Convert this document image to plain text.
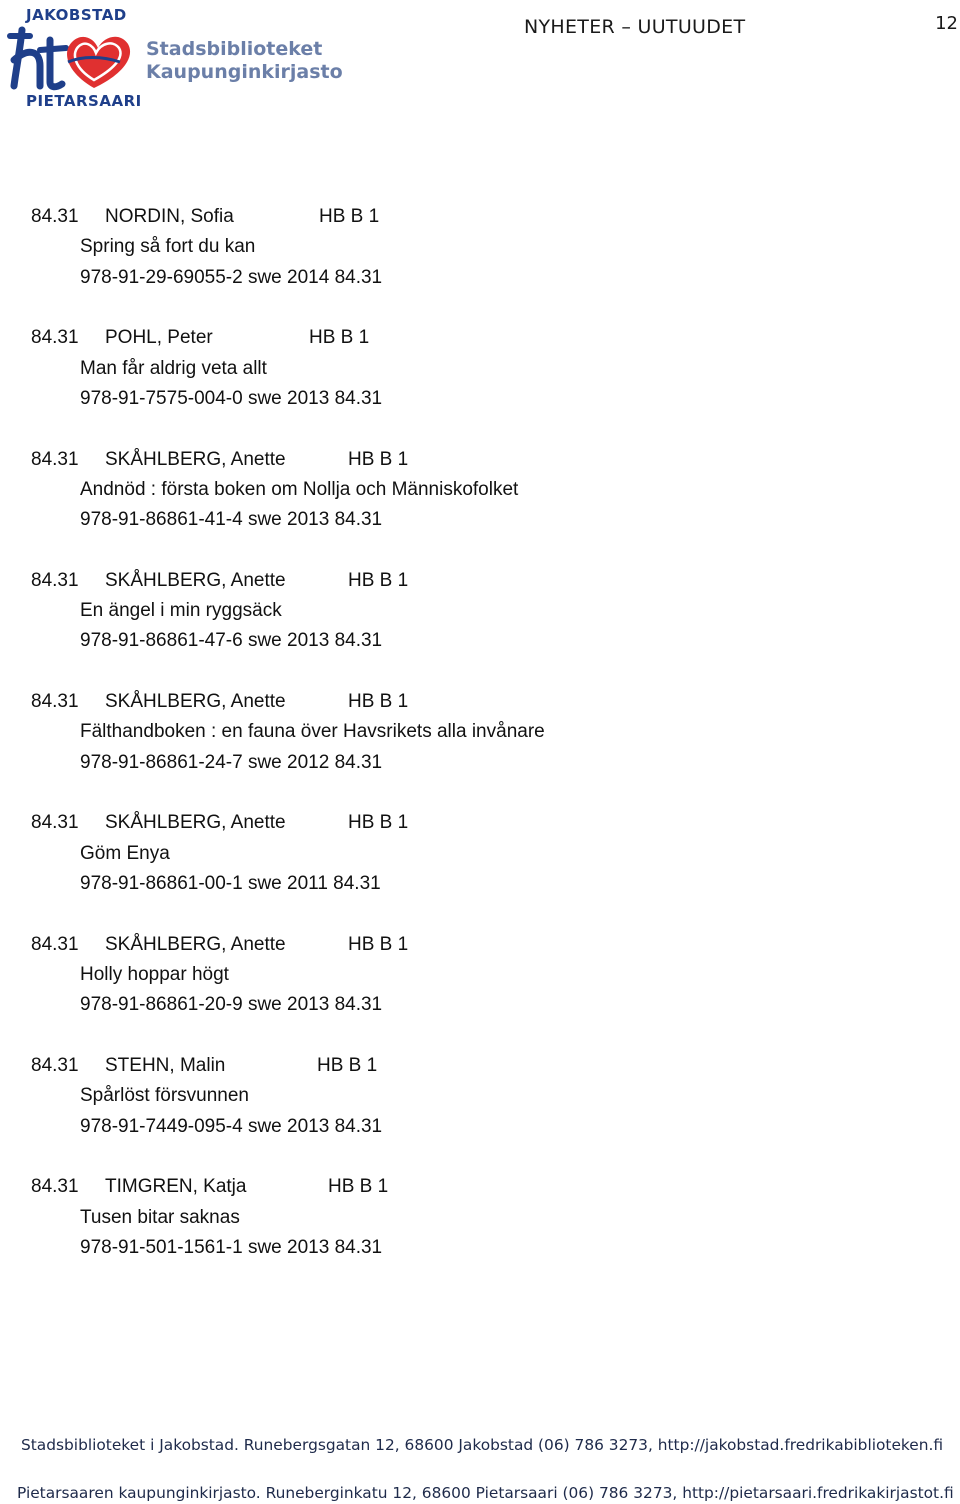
JAKOBSTAD
Stadsbiblioteket
Kaupunginkirjasto
PIETARSAARI
NYHETER – UUTUUDET	12
84.31 NORDIN, Sofia	HB B 1
Spring så fort du kan
978-91-29-69055-2 swe 2014 84.31
84.31 POHL, Peter	HB B 1
Man får aldrig veta allt
978-91-7575-004-0 swe 2013 84.31
84.31 SKÅHLBERG, Anette	HB B 1
Andnöd : första boken om Nollja och Människofolket
978-91-86861-41-4 swe 2013 84.31
84.31 SKÅHLBERG, Anette	HB B 1
En ängel i min ryggsäck
978-91-86861-47-6 swe 2013 84.31
84.31 SKÅHLBERG, Anette	HB B 1
Fälthandboken : en fauna över Havsrikets alla invånare
978-91-86861-24-7 swe 2012 84.31
84.31 SKÅHLBERG, Anette	HB B 1
Göm Enya
978-91-86861-00-1 swe 2011 84.31
84.31 SKÅHLBERG, Anette	HB B 1
Holly hoppar högt
978-91-86861-20-9 swe 2013 84.31
84.31 STEHN, Malin	HB B 1
Spårlöst försvunnen
978-91-7449-095-4 swe 2013 84.31
84.31 TIMGREN, Katja	HB B 1
Tusen bitar saknas
978-91-501-1561-1 swe 2013 84.31
Stadsbiblioteket i Jakobstad. Runebergsgatan 12, 68600 Jakobstad (06) 786 3273, http://jakobstad.fredrikabiblioteken.fi
Pietarsaaren kaupunginkirjasto. Runeberginkatu 12, 68600 Pietarsaari (06) 786 3273, http://pietarsaari.fredrikakirjastot.fi
